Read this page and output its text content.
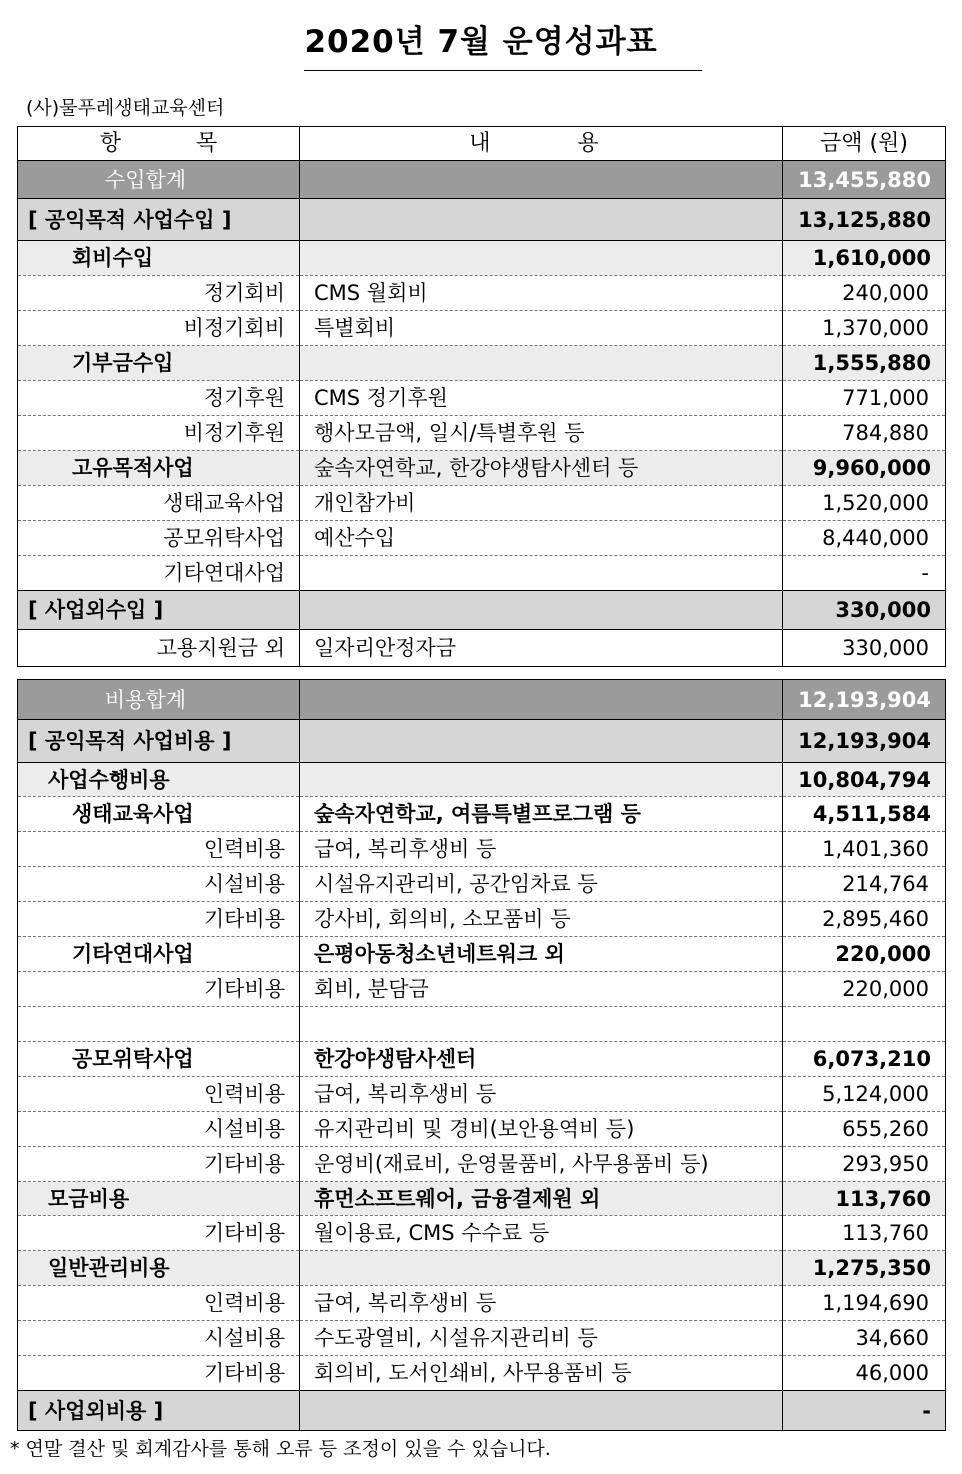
2020년 7월 운영성과표
(사)물푸레생태교육센터
항 목	내 용	금액 (원)
수입합계		13,455,880
[ 공익목적 사업수입 ]		13,125,880
회비수입		1,610,000
정기회비	CMS 월회비	240,000
비정기회비	특별회비	1,370,000
기부금수입		1,555,880
정기후원	CMS 정기후원	771,000
비정기후원	행사모금액, 일시/특별후원 등	784,880
고유목적사업	숲속자연학교, 한강야생탐사센터 등	9,960,000
생태교육사업	개인참가비	1,520,000
공모위탁사업	예산수입	8,440,000
기타연대사업		-
[ 사업외수입 ]		330,000
고용지원금 외	일자리안정자금	330,000
비용합계		12,193,904
[ 공익목적 사업비용 ]		12,193,904
사업수행비용		10,804,794
생태교육사업	숲속자연학교, 여름특별프로그램 등	4,511,584
인력비용	급여, 복리후생비 등	1,401,360
시설비용	시설유지관리비, 공간임차료 등	214,764
기타비용	강사비, 회의비, 소모품비 등	2,895,460
기타연대사업	은평아동청소년네트워크 외	220,000
기타비용	회비, 분담금	220,000

공모위탁사업	한강야생탐사센터	6,073,210
인력비용	급여, 복리후생비 등	5,124,000
시설비용	유지관리비 및 경비(보안용역비 등)	655,260
기타비용	운영비(재료비, 운영물품비, 사무용품비 등)	293,950
모금비용	휴먼소프트웨어, 금융결제원 외	113,760
기타비용	월이용료, CMS 수수료 등	113,760
일반관리비용		1,275,350
인력비용	급여, 복리후생비 등	1,194,690
시설비용	수도광열비, 시설유지관리비 등	34,660
기타비용	회의비, 도서인쇄비, 사무용품비 등	46,000
[ 사업외비용 ]		-
* 연말 결산 및 회계감사를 통해 오류 등 조정이 있을 수 있습니다.
